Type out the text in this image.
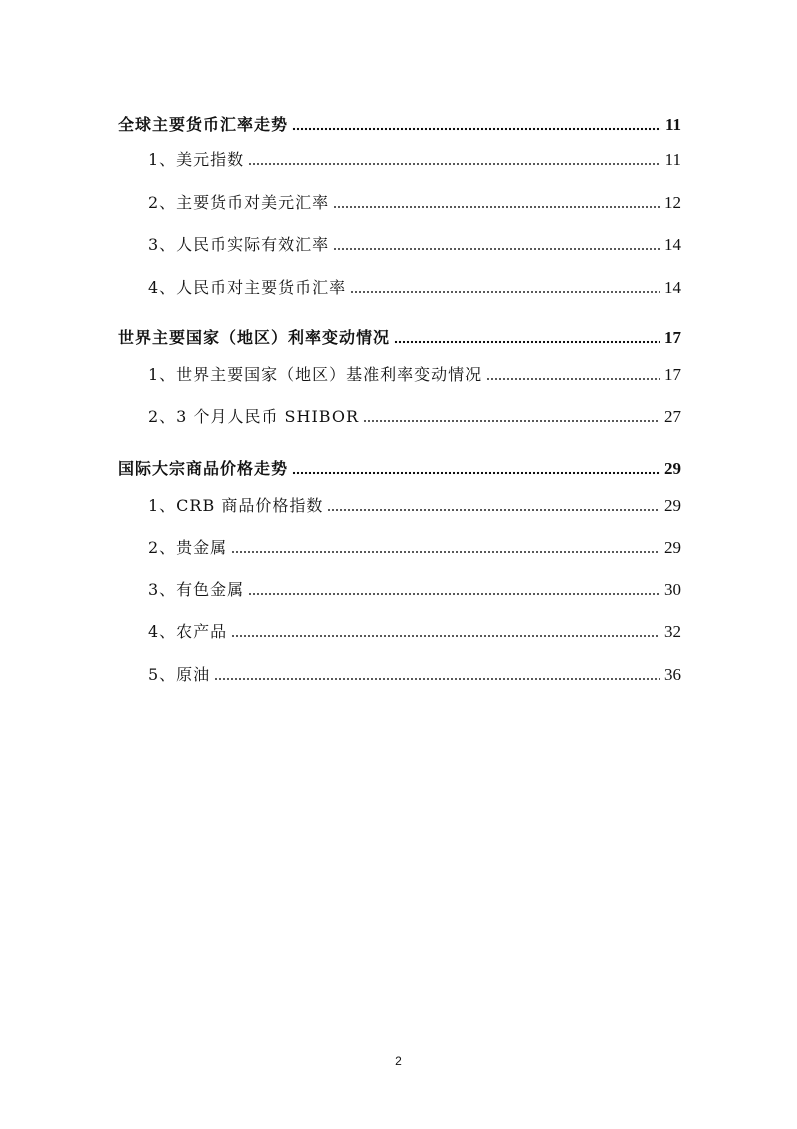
全球主要货币汇率走势	11
1、美元指数	11
2、主要货币对美元汇率	12
3、人民币实际有效汇率	14
4、人民币对主要货币汇率	14
世界主要国家（地区）利率变动情况	17
1、世界主要国家（地区）基准利率变动情况	17
2、3 个月人民币 SHIBOR	27
国际大宗商品价格走势	29
1、CRB 商品价格指数	29
2、贵金属	29
3、有色金属	30
4、农产品	32
5、原油	36
2
